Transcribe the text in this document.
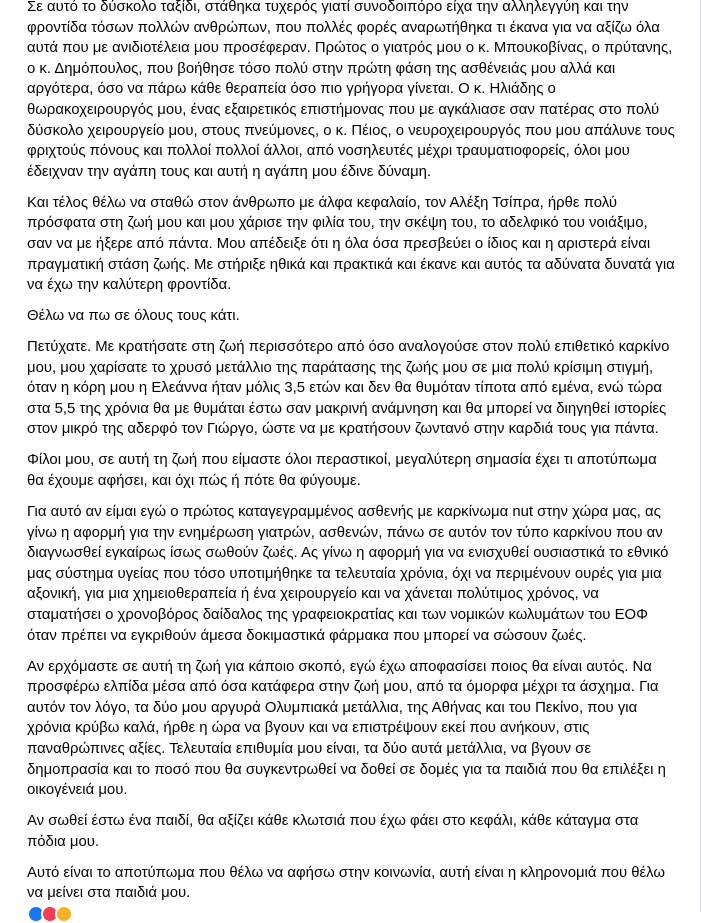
Σε αυτό το δύσκολο ταξίδι, στάθηκα τυχερός γιατί συνοδοιπόρο είχα την αλληλεγγύη και την φροντίδα τόσων πολλών ανθρώπων, που πολλές φορές αναρωτήθηκα τι έκανα για να αξίζω όλα αυτά που με ανιδιοτέλεια μου προσέφεραν. Πρώτος ο γιατρός μου ο κ. Μπουκοβίνας, ο πρύτανης, ο κ. Δημόπουλος, που βοήθησε τόσο πολύ στην πρώτη φάση της ασθένειάς μου αλλά και αργότερα, όσο να πάρω κάθε θεραπεία όσο πιο γρήγορα γίνεται. Ο κ. Ηλιάδης ο θωρακοχειρουργός μου, ένας εξαιρετικός επιστήμονας που με αγκάλιασε σαν πατέρας στο πολύ δύσκολο χειρουργείο μου, στους πνεύμονες, ο κ. Πέιος, ο νευροχειρουργός που μου απάλυνε τους φριχτούς πόνους και πολλοί πολλοί άλλοι, από νοσηλευτές μέχρι τραυματιοφορείς, όλοι μου έδειχναν την αγάπη τους και αυτή η αγάπη μου έδινε δύναμη.

Και τέλος θέλω να σταθώ στον άνθρωπο με άλφα κεφαλαίο, τον Αλέξη Τσίπρα, ήρθε πολύ πρόσφατα στη ζωή μου και μου χάρισε την φιλία του, την σκέψη του, το αδελφικό του νοιάξιμο, σαν να με ήξερε από πάντα. Μου απέδειξε ότι η όλα όσα πρεσβεύει ο ίδιος και η αριστερά είναι πραγματική στάση ζωής. Με στήριξε ηθικά και πρακτικά και έκανε και αυτός τα αδύνατα δυνατά για να έχω την καλύτερη φροντίδα.

Θέλω να πω σε όλους τους κάτι.

Πετύχατε. Με κρατήσατε στη ζωή περισσότερο από όσο αναλογούσε στον πολύ επιθετικό καρκίνο μου, μου χαρίσατε το χρυσό μετάλλιο της παράτασης της ζωής μου σε μια πολύ κρίσιμη στιγμή, όταν η κόρη μου η Ελεάννα ήταν μόλις 3,5 ετών και δεν θα θυμόταν τίποτα από εμένα, ενώ τώρα στα 5,5 της χρόνια θα με θυμάται έστω σαν μακρινή ανάμνηση και θα μπορεί να διηγηθεί ιστορίες στον μικρό της αδερφό τον Γιώργο, ώστε να με κρατήσουν ζωντανό στην καρδιά τους για πάντα.

Φίλοι μου, σε αυτή τη ζωή που είμαστε όλοι περαστικοί, μεγαλύτερη σημασία έχει τι αποτύπωμα θα έχουμε αφήσει, και όχι πώς ή πότε θα φύγουμε.

Για αυτό αν είμαι εγώ ο πρώτος καταγεγραμμένος ασθενής με καρκίνωμα nut στην χώρα μας, ας γίνω η αφορμή για την ενημέρωση γιατρών, ασθενών, πάνω σε αυτόν τον τύπο καρκίνου που αν διαγνωσθεί εγκαίρως ίσως σωθούν ζωές. Ας γίνω η αφορμή για να ενισχυθεί ουσιαστικά το εθνικό μας σύστημα υγείας που τόσο υποτιμήθηκε τα τελευταία χρόνια, όχι να περιμένουν ουρές για μια αξονική, για μια χημειοθεραπεία ή ένα χειρουργείο και να χάνεται πολύτιμος χρόνος, να σταματήσει ο χρονοβόρος δαίδαλος της γραφειοκρατίας και των νομικών κωλυμάτων του ΕΟΦ όταν πρέπει να εγκριθούν άμεσα δοκιμαστικά φάρμακα που μπορεί να σώσουν ζωές.

Αν ερχόμαστε σε αυτή τη ζωή για κάποιο σκοπό, εγώ έχω αποφασίσει ποιος θα είναι αυτός. Να προσφέρω ελπίδα μέσα από όσα κατάφερα στην ζωή μου, από τα όμορφα μέχρι τα άσχημα. Για αυτόν τον λόγο, τα δύο μου αργυρά Ολυμπιακά μετάλλια, της Αθήνας και του Πεκίνο, που για χρόνια κρύβω καλά, ήρθε η ώρα να βγουν και να επιστρέψουν εκεί που ανήκουν, στις παναθρώπινες αξίες. Τελευταία επιθυμία μου είναι, τα δύο αυτά μετάλλια, να βγουν σε δημοπρασία και το ποσό που θα συγκεντρωθεί να δοθεί σε δομές για τα παιδιά που θα επιλέξει η οικογένειά μου.

Αν σωθεί έστω ένα παιδί, θα αξίζει κάθε κλωτσιά που έχω φάει στο κεφάλι, κάθε κάταγμα στα πόδια μου.

Αυτό είναι το αποτύπωμα που θέλω να αφήσω στην κοινωνία, αυτή είναι η κληρονομιά που θέλω να μείνει στα παιδιά μου.
